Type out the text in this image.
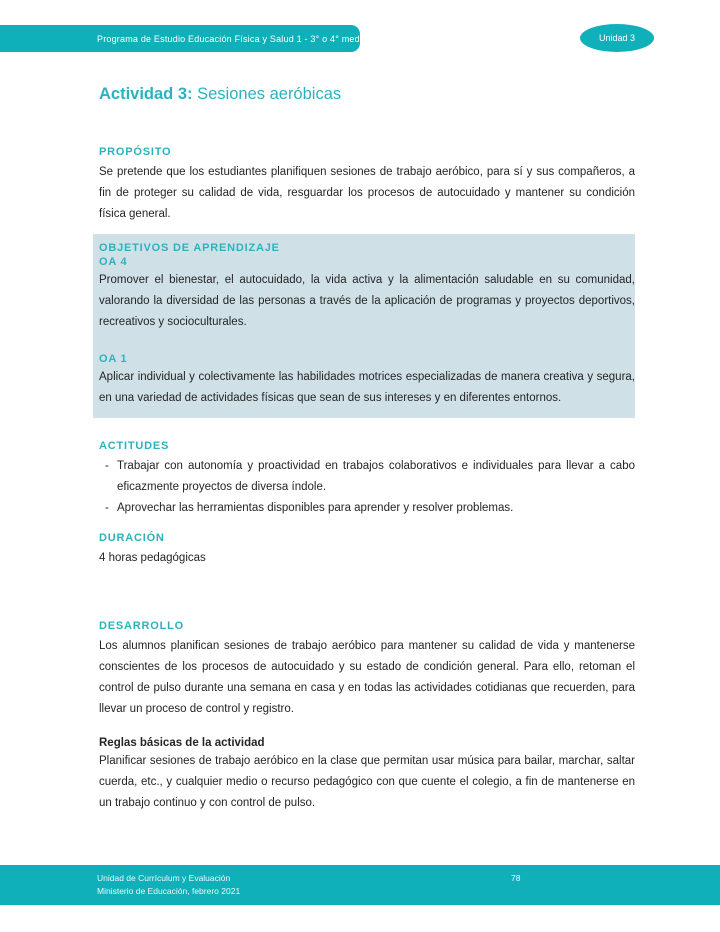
Programa de Estudio Educación Física y Salud 1 - 3° o 4° medio	Unidad 3
Actividad 3: Sesiones aeróbicas

PROPÓSITO

Se pretende que los estudiantes planifiquen sesiones de trabajo aeróbico, para sí y sus compañeros, a fin de proteger su calidad de vida, resguardar los procesos de autocuidado y mantener su condición física general.

OBJETIVOS DE APRENDIZAJE

OA 4

Promover el bienestar, el autocuidado, la vida activa y la alimentación saludable en su comunidad, valorando la diversidad de las personas a través de la aplicación de programas y proyectos deportivos, recreativos y socioculturales.

OA 1

Aplicar individual y colectivamente las habilidades motrices especializadas de manera creativa y segura, en una variedad de actividades físicas que sean de sus intereses y en diferentes entornos.

ACTITUDES

- Trabajar con autonomía y proactividad en trabajos colaborativos e individuales para llevar a cabo eficazmente proyectos de diversa índole.
- Aprovechar las herramientas disponibles para aprender y resolver problemas.

DURACIÓN

4 horas pedagógicas

DESARROLLO

Los alumnos planifican sesiones de trabajo aeróbico para mantener su calidad de vida y mantenerse conscientes de los procesos de autocuidado y su estado de condición general. Para ello, retoman el control de pulso durante una semana en casa y en todas las actividades cotidianas que recuerden, para llevar un proceso de control y registro.

Reglas básicas de la actividad

Planificar sesiones de trabajo aeróbico en la clase que permitan usar música para bailar, marchar, saltar cuerda, etc., y cualquier medio o recurso pedagógico con que cuente el colegio, a fin de mantenerse en un trabajo continuo y con control de pulso.

Unidad de Currículum y Evaluación
Ministerio de Educación, febrero 2021
78
